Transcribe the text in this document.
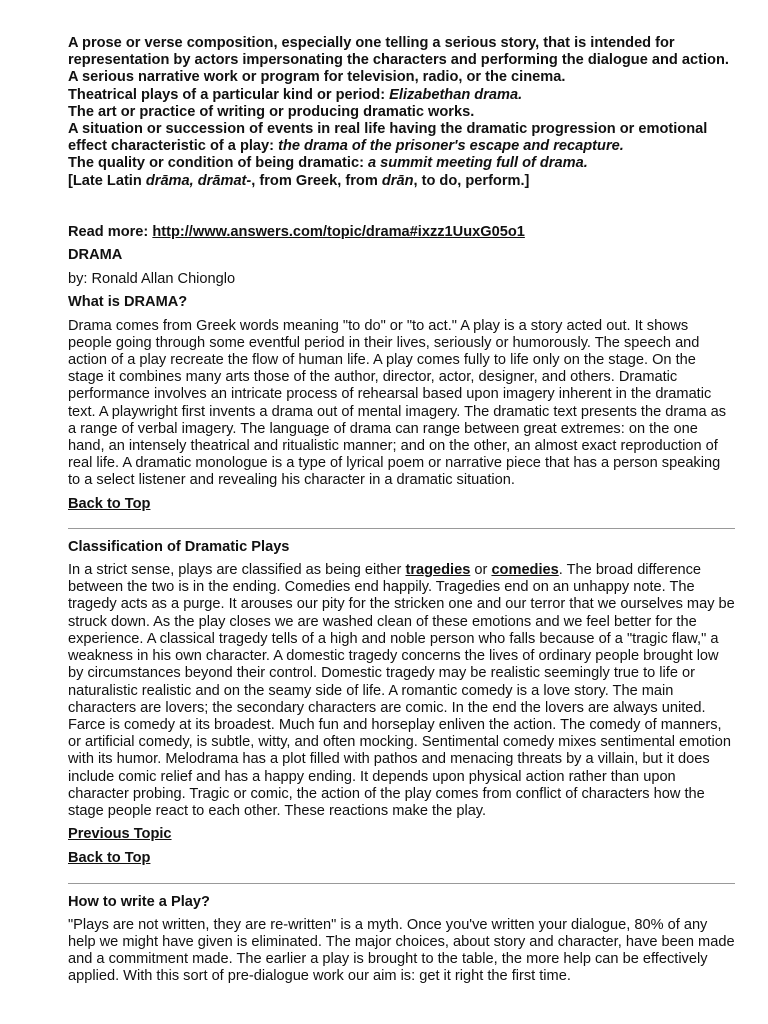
A prose or verse composition, especially one telling a serious story, that is intended for representation by actors impersonating the characters and performing the dialogue and action.

A serious narrative work or program for television, radio, or the cinema.

Theatrical plays of a particular kind or period: Elizabethan drama.

The art or practice of writing or producing dramatic works.

A situation or succession of events in real life having the dramatic progression or emotional effect characteristic of a play: the drama of the prisoner's escape and recapture.

The quality or condition of being dramatic: a summit meeting full of drama.

[Late Latin drāma, drāmat-, from Greek, from drān, to do, perform.]

Read more: http://www.answers.com/topic/drama#ixzz1UuxG05o1

DRAMA

by: Ronald Allan Chionglo

What is DRAMA?

Drama comes from Greek words meaning "to do" or "to act." A play is a story acted out. It shows people going through some eventful period in their lives, seriously or humorously. The speech and action of a play recreate the flow of human life. A play comes fully to life only on the stage. On the stage it combines many arts those of the author, director, actor, designer, and others. Dramatic performance involves an intricate process of rehearsal based upon imagery inherent in the dramatic text. A playwright first invents a drama out of mental imagery. The dramatic text presents the drama as a range of verbal imagery. The language of drama can range between great extremes: on the one hand, an intensely theatrical and ritualistic manner; and on the other, an almost exact reproduction of real life. A dramatic monologue is a type of lyrical poem or narrative piece that has a person speaking to a select listener and revealing his character in a dramatic situation.

Back to Top

Classification of Dramatic Plays

In a strict sense, plays are classified as being either tragedies or comedies. The broad difference between the two is in the ending. Comedies end happily. Tragedies end on an unhappy note. The tragedy acts as a purge. It arouses our pity for the stricken one and our terror that we ourselves may be struck down. As the play closes we are washed clean of these emotions and we feel better for the experience. A classical tragedy tells of a high and noble person who falls because of a "tragic flaw," a weakness in his own character. A domestic tragedy concerns the lives of ordinary people brought low by circumstances beyond their control. Domestic tragedy may be realistic seemingly true to life or naturalistic realistic and on the seamy side of life. A romantic comedy is a love story. The main characters are lovers; the secondary characters are comic. In the end the lovers are always united. Farce is comedy at its broadest. Much fun and horseplay enliven the action. The comedy of manners, or artificial comedy, is subtle, witty, and often mocking. Sentimental comedy mixes sentimental emotion with its humor. Melodrama has a plot filled with pathos and menacing threats by a villain, but it does include comic relief and has a happy ending. It depends upon physical action rather than upon character probing. Tragic or comic, the action of the play comes from conflict of characters how the stage people react to each other. These reactions make the play.

Previous Topic
Back to Top

How to write a Play?

"Plays are not written, they are re-written" is a myth. Once you've written your dialogue, 80% of any help we might have given is eliminated. The major choices, about story and character, have been made and a commitment made. The earlier a play is brought to the table, the more help can be effectively applied. With this sort of pre-dialogue work our aim is: get it right the first time.
